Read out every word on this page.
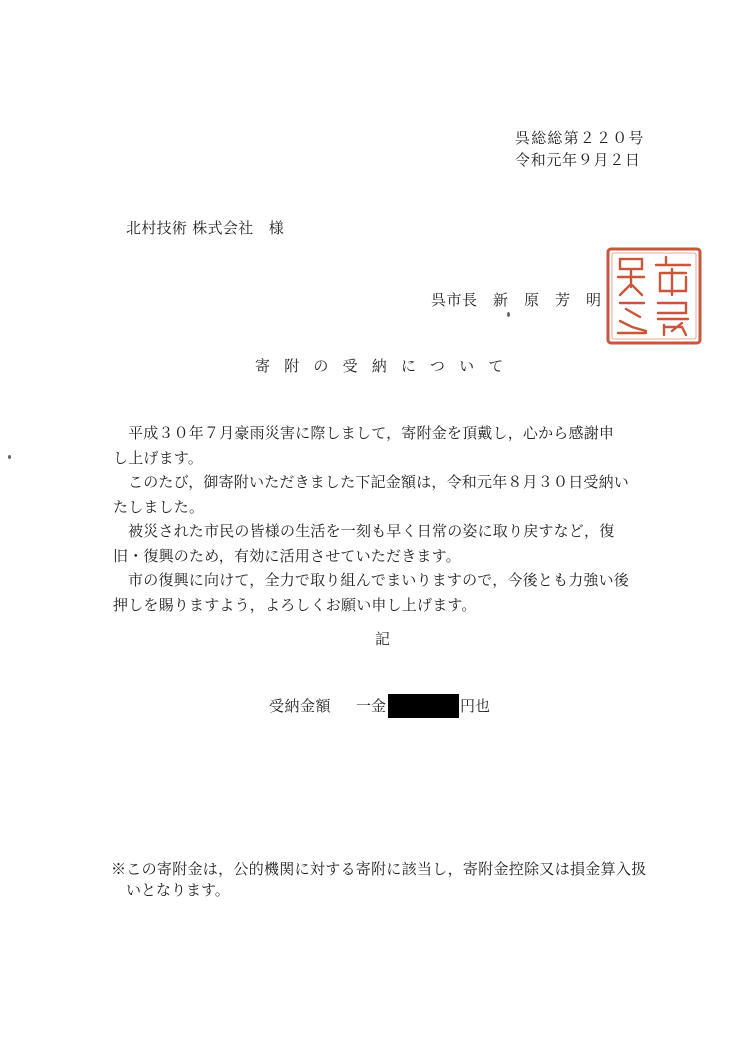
呉総総第２２０号
令和元年９月２日
北村技術 株式会社　様
呉市長　新　原　芳　明
寄附の受納について

平成３０年７月豪雨災害に際しまして，寄附金を頂戴し，心から感謝申し上げます。

このたび，御寄附いただきました下記金額は，令和元年８月３０日受納いたしました。

被災された市民の皆様の生活を一刻も早く日常の姿に取り戻すなど，復旧・復興のため，有効に活用させていただきます。

市の復興に向けて，全力で取り組んでまいりますので，今後とも力強い後押しを賜りますよう，よろしくお願い申し上げます。

記
受納金額 一金	円也
※この寄附金は，公的機関に対する寄附に該当し，寄附金控除又は損金算入扱
いとなります。
